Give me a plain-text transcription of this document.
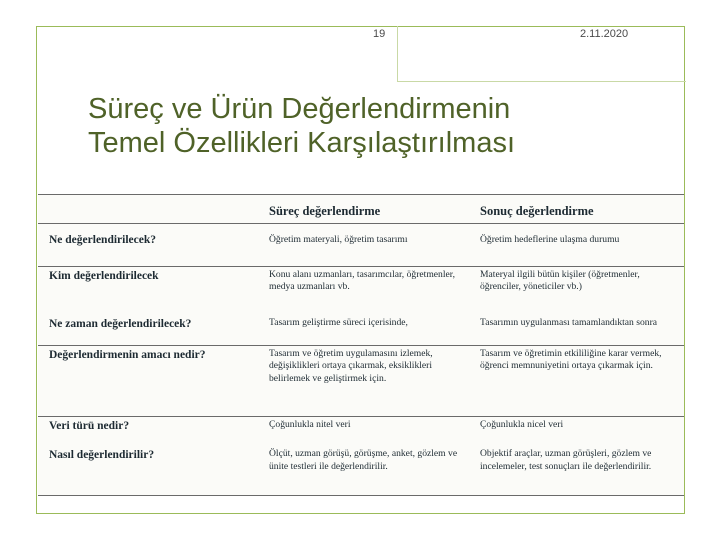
19	2.11.2020
Süreç ve Ürün Değerlendirmenin
Temel Özellikleri Karşılaştırılması
	Süreç değerlendirme	Sonuç değerlendirme
Ne değerlendirilecek?	Öğretim materyali, öğretim tasarımı	Öğretim hedeflerine ulaşma durumu
Kim değerlendirilecek	Konu alanı uzmanları, tasarımcılar, öğretmenler, medya uzmanları vb.	Materyal ilgili bütün kişiler (öğretmenler, öğrenciler, yöneticiler vb.)
Ne zaman değerlendirilecek?	Tasarım geliştirme süreci içerisinde,	Tasarımın uygulanması tamamlandıktan sonra
Değerlendirmenin amacı nedir?	Tasarım ve öğretim uygulamasını izlemek, değişiklikleri ortaya çıkarmak, eksiklikleri belirlemek ve geliştirmek için.	Tasarım ve öğretimin etkililiğine karar vermek, öğrenci memnuniyetini ortaya çıkarmak için.
Veri türü nedir?	Çoğunlukla nitel veri	Çoğunlukla nicel veri
Nasıl değerlendirilir?	Ölçüt, uzman görüşü, görüşme, anket, gözlem ve ünite testleri ile değerlendirilir.	Objektif araçlar, uzman görüşleri, gözlem ve incelemeler, test sonuçları ile değerlendirilir.
